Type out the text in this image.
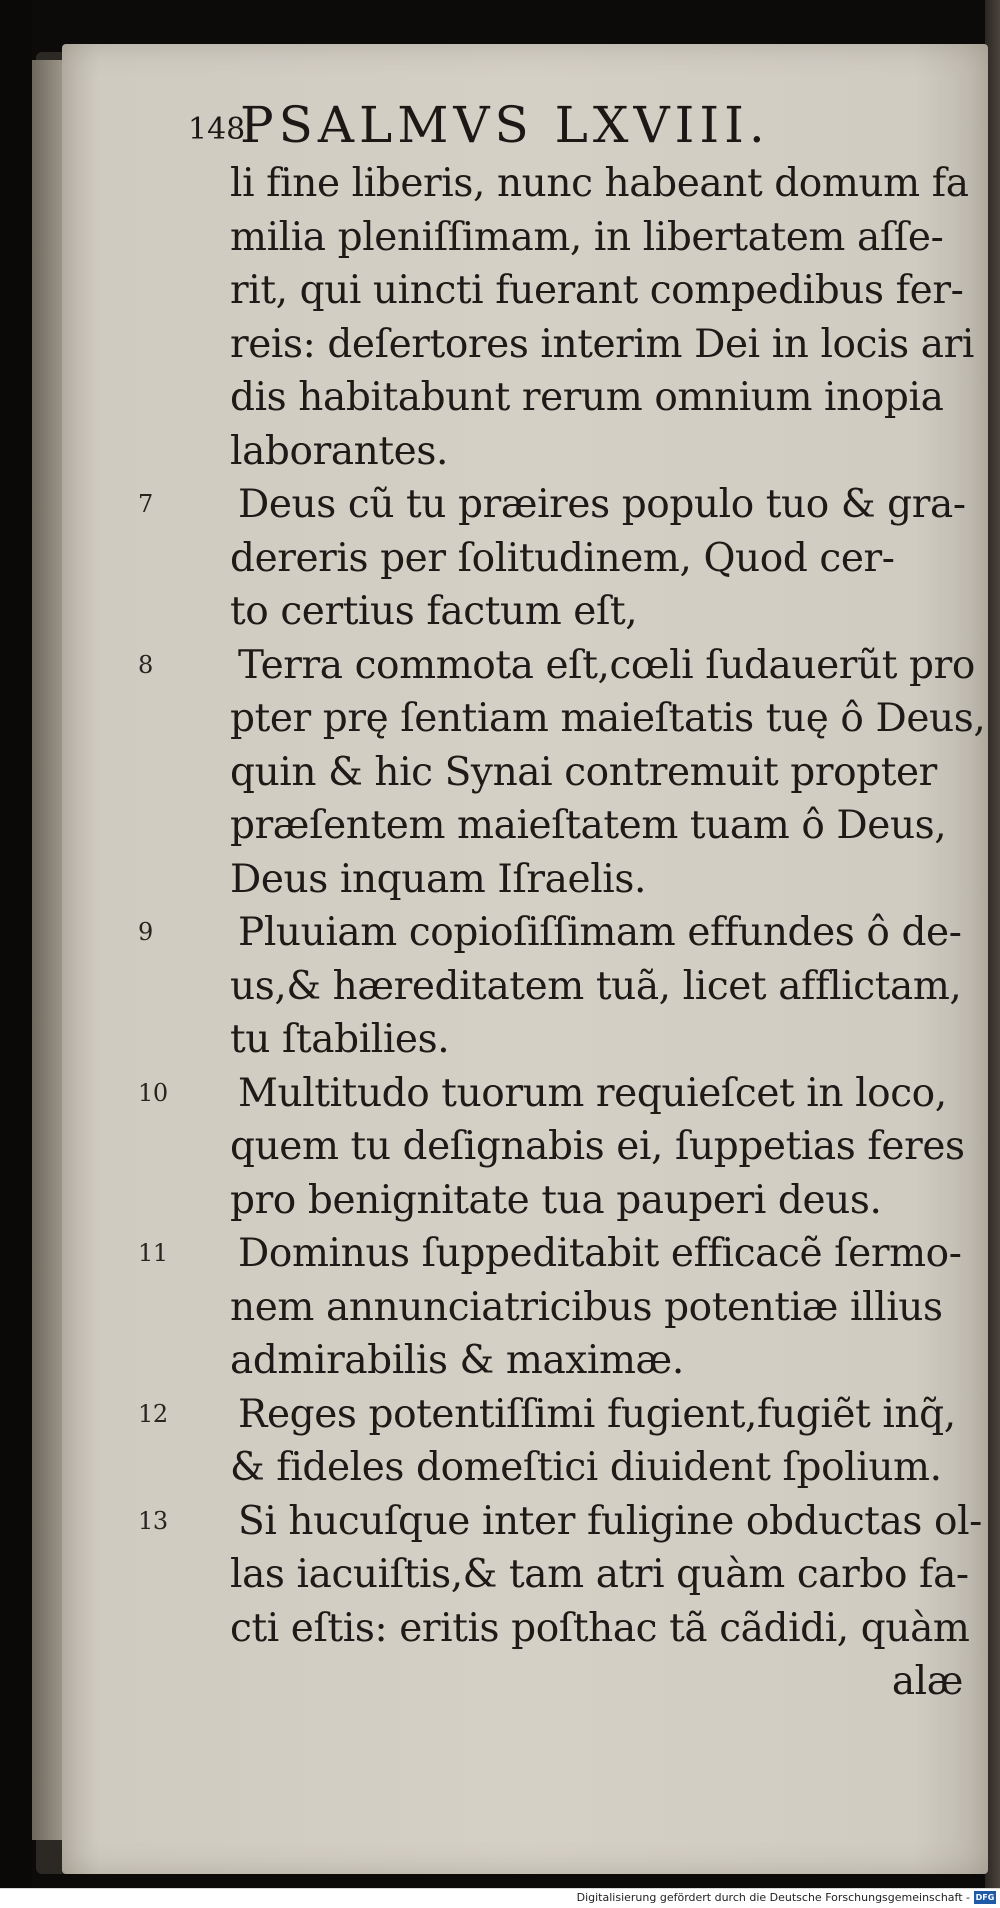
148
PSALMVS LXVIII.
li fine liberis, nunc habeant domum fa
milia pleniſſimam, in libertatem aſſe-
rit, qui uincti fuerant compedibus fer-
reis: deſertores interim Dei in locis ari
dis habitabunt rerum omnium inopia
laborantes.
7 Deus cũ tu præires populo tuo & gra-
dereris per ſolitudinem, Quod cer-
to certius factum eſt,
8 Terra commota eſt,cœli ſudauerũt pro
pter prę ſentiam maieſtatis tuę ô Deus,
quin & hic Synai contremuit propter
præſentem maieſtatem tuam ô Deus,
Deus inquam Iſraelis.
9 Pluuiam copioſiſſimam effundes ô de-
us,& hæreditatem tuã, licet afflictam,
tu ſtabilies.
10 Multitudo tuorum requieſcet in loco,
quem tu deſignabis ei, ſuppetias feres
pro benignitate tua pauperi deus.
11 Dominus ſuppeditabit efficacẽ ſermo-
nem annunciatricibus potentiæ illius
admirabilis & maximæ.
12 Reges potentiſſimi fugient,fugiẽt inq̃,
& fideles domeſtici diuident ſpolium.
13 Si hucuſque inter fuligine obductas ol-
las iacuiſtis,& tam atri quàm carbo fa-
cti eſtis: eritis poſthac tã cãdidi, quàm
alæ
Digitalisierung gefördert durch die Deutsche Forschungsgemeinschaft - DFG
